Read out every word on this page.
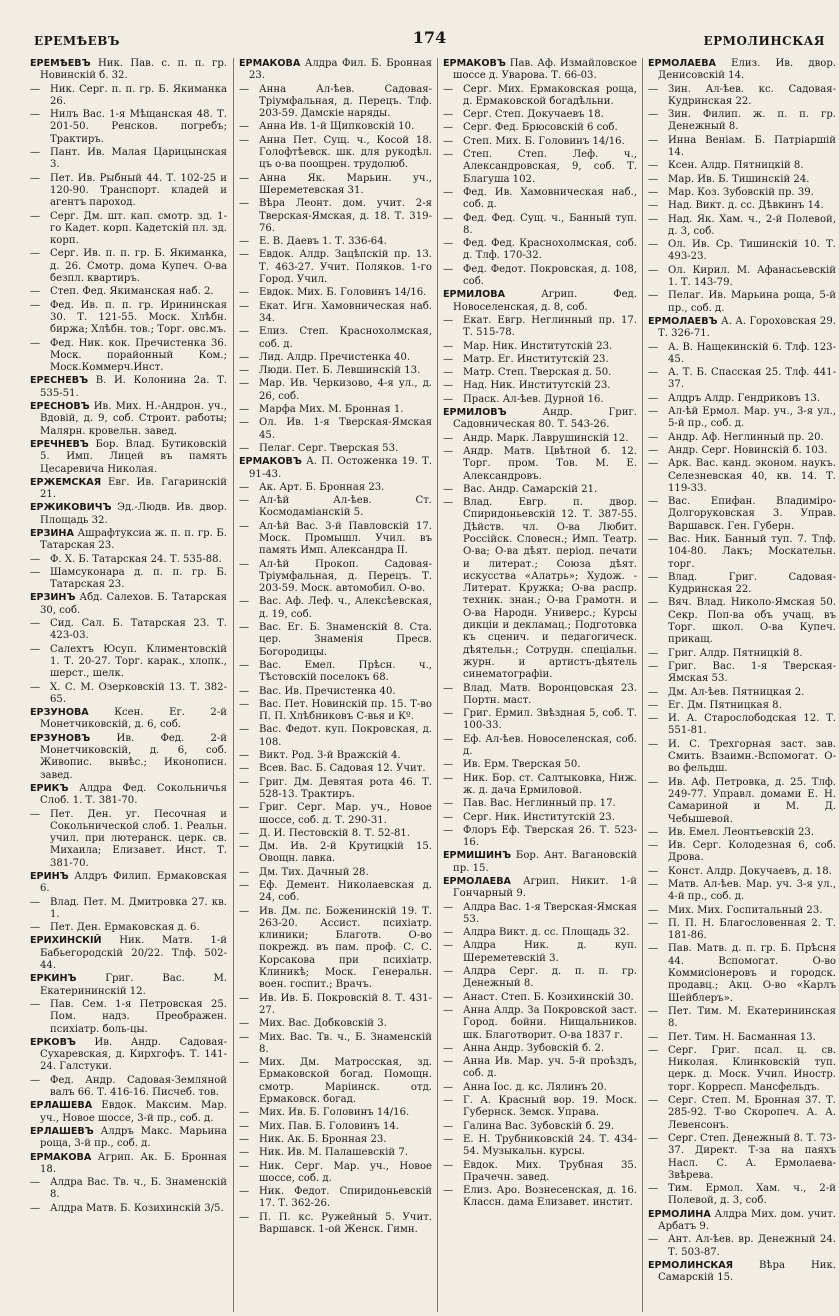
ЕРЕМѢЕВЪ	174	ЕРМОЛИНСКАЯ
ЕРЕМѢЕВЪ Ник. Пав. с. п. п. гр. Новинскій б. 32.
— Ник. Серг. п. п. гр. Б. Якиманка 26.
— Нилъ Вас. 1-я Мѣщанская 48. Т. 201-50. Ренсков. погребъ; Трактиръ.
— Пант. Ив. Малая Царицынская 3.
— Пет. Ив. Рыбный 44. Т. 102-25 и 120-90. Транспорт. кладей и агентъ пароход.
— Серг. Дм. шт. кап. смотр. зд. 1-го Кадет. корп. Кадетскій пл. зд. корп.
— Серг. Ив. п. п. гр. Б. Якиманка, д. 26. Смотр. дома Купеч. О-ва безпл. квартиръ.
— Степ. Фед. Якиманская наб. 2.
— Фед. Ив. п. п. гр. Ирининская 30. Т. 121-55. Моск. Хлѣбн. биржа; Хлѣбн. тов.; Торг. овс.мъ.
— Фед. Ник. кок. Пречистенка 36. Моск. порайонный Ком.; Моск.Коммерч.Инст.
ЕРЕСНЕВЪ В. И. Колонина 2а. Т. 535-51.
ЕРЕСНОВЪ Ив. Мих. Н.-Андрон. уч., Вдовій, д. 9, соб. Строит. работы; Малярн. кровельн. завед.
ЕРЕЧНЕВЪ Бор. Влад. Бутиковскій 5. Имп. Лицей въ память Цесаревича Николая.
ЕРЖЕМСКАЯ Евг. Ив. Гагаринскій 21.
ЕРЖИКОВИЧЪ Эд.-Людв. Ив. двор. Площадь 32.
ЕРЗИНА Ашрафтуксиа ж. п. п. гр. Б. Татарская 23.
— Ф. Х. Б. Татарская 24. Т. 535-88.
— Шамсуконара д. п. п. гр. Б. Татарская 23.
ЕРЗИНЪ Абд. Салехов. Б. Татарская 30, соб.
— Сид. Сал. Б. Татарская 23. Т. 423-03.
— Салехтъ Юсуп. Климентовскій 1. Т. 20-27. Торг. карак., хлопк., шерст., шелк.
— Х. С. М. Озерковскій 13. Т. 382-65.
ЕРЗУНОВА Ксен. Ег. 2-й Монетчиковскій, д. 6, соб.
ЕРЗУНОВЪ Ив. Фед. 2-й Монетчиковскій, д. 6, соб. Живопис. вывѣс.; Иконописн. завед.
ЕРИКЪ Алдра Фед. Сокольничья Слоб. 1. Т. 381-70.
— Пет. Ден. уг. Песочная и Сокольнической слоб. 1. Реальн. учил. при лютеранск. церк. св. Михаила; Елизавет. Инст. Т. 381-70.
ЕРИНЪ Алдръ Филип. Ермаковская 6.
— Влад. Пет. М. Дмитровка 27. кв. 1.
— Пет. Ден. Ермаковская д. 6.
ЕРИХИНСКІЙ Ник. Матв. 1-й Бабьегородскій 20/22. Тлф. 502-44.
ЕРКИНЪ Григ. Вас. М. Екатерининскій 12.
— Пав. Сем. 1-я Петровская 25. Пом. надз. Преображен. психіатр. боль-цы.
ЕРКОВЪ Ив. Андр. Садовая-Сухаревская, д. Кирхгофъ. Т. 141-24. Галстуки.
— Фед. Андр. Садовая-Земляной валъ 66. Т. 416-16. Писчеб. тов.
ЕРЛАШЕВА Евдок. Максим. Мар. уч., Новое шоссе, 3-й пр., соб. д.
ЕРЛАШЕВЪ Алдръ Макс. Марьина роща, 3-й пр., соб. д.
ЕРМАКОВА Агрип. Ак. Б. Бронная 18.
— Алдра Вас. Тв. ч., Б. Знаменскій 8.
— Алдра Матв. Б. Козихинскій 3/5.
ЕРМАКОВА Алдра Фил. Б. Бронная 23.
— Анна Ал-ѣев. Садовая-Тріумфальная, д. Перецъ. Тлф. 203-59. Дамскіе наряды.
— Анна Ив. 1-й Щипковскій 10.
— Анна Пет. Сущ. ч., Косой 18. Голофтѣевск. шк. для рукодѣл. цъ о-ва поощрен. трудолюб.
— Анна Як. Марьин. уч., Шереметевская 31.
— Вѣра Леонт. дом. учит. 2-я Тверская-Ямская, д. 18. Т. 319-76.
— Е. В. Даевъ 1. Т. 336-64.
— Евдок. Алдр. Зацѣпскій пр. 13. Т. 463-27. Учит. Поляков. 1-го Город. Учил.
— Евдок. Мих. Б. Головинъ 14/16.
— Екат. Игн. Хамовническая наб. 34.
— Елиз. Степ. Краснохолмская, соб. д.
— Лид. Алдр. Пречистенка 40.
— Люди. Пет. Б. Левшинскій 13.
— Мар. Ив. Черкизово, 4-я ул., д. 26, соб.
— Марфа Мих. М. Бронная 1.
— Ол. Ив. 1-я Тверская-Ямская 45.
— Пелаг. Серг. Тверская 53.
ЕРМАКОВЪ А. П. Остоженка 19. Т. 91-43.
— Ак. Арт. Б. Бронная 23.
— Ал-ѣй Ал-ѣев. Ст. Космодаміанскій 5.
— Ал-ѣй Вас. 3-й Павловскій 17. Моск. Промышл. Учил. въ память Имп. Александра II.
— Ал-ѣй Прокоп. Садовая-Тріумфальная, д. Перецъ. Т. 203-59. Моск. автомобил. О-во.
— Вас. Аф. Леф. ч., Алексѣевская, д. 19, соб.
— Вас. Ег. Б. Знаменскій 8. Ста. цер. Знаменія Пресв. Богородицы.
— Вас. Емел. Прѣсн. ч., Тѣстовскій поселокъ 68.
— Вас. Ив. Пречистенка 40.
— Вас. Пет. Новинскій пр. 15. Т-во П. П. Хлѣбниковъ С-вья и Кº.
— Вас. Федот. куп. Покровская, д. 108.
— Викт. Род. 3-й Вражскій 4.
— Всев. Вас. Б. Садовая 12. Учит.
— Григ. Дм. Девятая рота 46. Т. 528-13. Трактиръ.
— Григ. Серг. Мар. уч., Новое шоссе, соб. д. Т. 290-31.
— Д. И. Пестовскій 8. Т. 52-81.
— Дм. Ив. 2-й Крутицкій 15. Овощн. лавка.
— Дм. Тих. Дачный 28.
— Еф. Демент. Николаевская д. 24, соб.
— Ив. Дм. пс. Боженинскій 19. Т. 263-20. Ассист. психіатр. клиники; Благотв. О-во покрежд. въ пам. проф. С. С. Корсакова при психіатр. Клиникѣ; Моск. Генеральн. воен. госпит.; Врачъ.
— Ив. Ив. Б. Покровскій 8. Т. 431-27.
— Мих. Вас. Добковскій 3.
— Мих. Вас. Тв. ч., Б. Знаменскій 8.
— Мих. Дм. Матросская, зд. Ермаковской богад. Помощн. смотр. Маріинск. отд. Ермаковск. богад.
— Мих. Ив. Б. Головинъ 14/16.
— Мих. Пав. Б. Головинъ 14.
— Ник. Ак. Б. Бронная 23.
— Ник. Ив. М. Палашевскій 7.
— Ник. Серг. Мар. уч., Новое шоссе, соб. д.
— Ник. Федот. Спиридоньевскій 17. Т. 362-26.
— П. П. кс. Ружейный 5. Учит. Варшавск. 1-ой Женск. Гимн.
ЕРМАКОВЪ Пав. Аф. Измайловское шоссе д. Уварова. Т. 66-03.
— Серг. Мих. Ермаковская роща, д. Ермаковской богадѣльни.
— Серг. Степ. Докучаевъ 18.
— Серг. Фед. Брюсовскій 6 соб.
— Степ. Мих. Б. Головинъ 14/16.
— Степ. Степ. Леф. ч., Александровская, 9, соб. Т. Благуша 102.
— Фед. Ив. Хамовническая наб., соб. д.
— Фед. Фед. Сущ. ч., Банный туп. 8.
— Фед. Фед. Краснохолмская, соб. д. Тлф. 170-32.
— Фед. Федот. Покровская, д. 108, соб.
ЕРМИЛОВА Агрип. Фед. Новоселенская, д. 8, соб.
— Екат. Евгр. Неглинный пр. 17. Т. 515-78.
— Мар. Ник. Институтскій 23.
— Матр. Ег. Институтскій 23.
— Матр. Степ. Тверская д. 50.
— Над. Ник. Институтскій 23.
— Праск. Ал-ѣев. Дурной 16.
ЕРМИЛОВЪ Андр. Григ. Садовническая 80. Т. 543-26.
— Андр. Марк. Лаврушинскій 12.
— Андр. Матв. Цвѣтной б. 12. Торг. пром. Тов. М. Е. Александровъ.
— Вас. Андр. Самарскій 21.
— Влад. Евгр. п. двор. Спиридоньевскій 12. Т. 387-55. Дѣйств. чл. О-ва Любит. Россійск. Словесн.; Имп. Театр. О-ва; О-ва дѣят. період. печати и литерат.; Союза дѣят. искусства «Алатрь»; Худож. - Литерат. Кружка; О-ва распр. техник. знан.; О-ва Грамотн. и О-ва Народн. Универс.; Курсы дикціи и декламац.; Подготовка къ сценич. и педагогическ. дѣятельн.; Сотрудн. спеціальн. журн. и артистъ-дѣятель синематографіи.
— Влад. Матв. Воронцовская 23. Портн. маст.
— Григ. Ермил. Звѣздная 5, соб. Т. 100-33.
— Еф. Ал-ѣев. Новоселенская, соб. д.
— Ив. Ерм. Тверская 50.
— Ник. Бор. ст. Салтыковка, Ниж. ж. д. дача Ермиловой.
— Пав. Вас. Неглинный пр. 17.
— Серг. Ник. Институтскій 23.
— Флоръ Еф. Тверская 26. Т. 523-16.
ЕРМИШИНЪ Бор. Ант. Вагановскій пр. 15.
ЕРМОЛАЕВА Агрип. Никит. 1-й Гончарный 9.
— Алдра Вас. 1-я Тверская-Ямская 53.
— Алдра Викт. д. сс. Площадь 32.
— Алдра Ник. д. куп. Шереметевскій 3.
— Алдра Серг. д. п. п. гр. Денежный 8.
— Анаст. Степ. Б. Козихинскій 30.
— Анна Алдр. За Покровской заст. Город. бойни. Нищальников. шк. Благотворит. О-ва 1837 г.
— Анна Андр. Зубовскій б. 2.
— Анна Ив. Мар. уч. 5-й проѣздъ, соб. д.
— Анна Іос. д. кс. Лялинъ 20.
— Г. А. Красный вор. 19. Моск. Губернск. Земск. Управа.
— Галина Вас. Зубовскій б. 29.
— Е. Н. Трубниковскій 24. Т. 434-54. Музыкальн. курсы.
— Евдок. Мих. Трубная 35. Прачечн. завед.
— Елиз. Аро. Вознесенская, д. 16. Классн. дама Елизавет. инстит.
ЕРМОЛАЕВА Елиз. Ив. двор. Денисовскій 14.
— Зин. Ал-ѣев. кс. Садовая-Кудринская 22.
— Зин. Филип. ж. п. п. гр. Денежный 8.
— Инна Веніам. Б. Патріаршій 14.
— Ксен. Алдр. Пятницкій 8.
— Мар. Ив. Б. Тишинскій 24.
— Мар. Коз. Зубовскій пр. 39.
— Над. Викт. д. сс. Дѣвкинъ 14.
— Над. Як. Хам. ч., 2-й Полевой, д. 3, соб.
— Ол. Ив. Ср. Тишинскій 10. Т. 493-23.
— Ол. Кирил. М. Афанасьевскій 1. Т. 143-79.
— Пелаг. Ив. Марьина роща, 5-й пр., соб. д.
ЕРМОЛАЕВЪ А. А. Гороховская 29. Т. 326-71.
— А. В. Нащекинскій 6. Тлф. 123-45.
— А. Т. Б. Спасская 25. Тлф. 441-37.
— Алдръ Алдр. Гендриковъ 13.
— Ал-ѣй Ермол. Мар. уч., 3-я ул., 5-й пр., соб. д.
— Андр. Аф. Неглинный пр. 20.
— Андр. Серг. Новинскій б. 103.
— Арк. Вас. канд. эконом. наукъ. Селезневская 40, кв. 14. Т. 119-33.
— Вас. Епифан. Владиміро-Долгоруковская 3. Управ. Варшавск. Ген. Губерн.
— Вас. Ник. Банный туп. 7. Тлф. 104-80. Лакъ; Москательн. торг.
— Влад. Григ. Садовая-Кудринская 22.
— Вяч. Влад. Николо-Ямская 50. Секр. Поп-ва объ учащ. въ Торг. школ. О-ва Купеч. прикащ.
— Григ. Алдр. Пятницкій 8.
— Григ. Вас. 1-я Тверская-Ямская 53.
— Дм. Ал-ѣев. Пятницкая 2.
— Ег. Дм. Пятницкая 8.
— И. А. Старослободская 12. Т. 551-81.
— И. С. Трехгорная заст. зав. Смить. Взаимн.-Вспомогат. О-во фельдш.
— Ив. Аф. Петровка, д. 25. Тлф. 249-77. Управл. домами Е. Н. Самариной и М. Д. Чебышевой.
— Ив. Емел. Леонтьевскій 23.
— Ив. Серг. Колодезная 6, соб. Дрова.
— Конст. Алдр. Докучаевъ, д. 18.
— Матв. Ал-ѣев. Мар. уч. 3-я ул., 4-й пр., соб. д.
— Мих. Мих. Госпитальный 23.
— П. П. Н. Благословенная 2. Т. 181-86.
— Пав. Матв. д. п. гр. Б. Прѣсня 44. Вспомогат. О-во Коммисіонеровъ и городск. продавц.; Акц. О-во «Карлъ Шейблеръ».
— Пет. Тим. М. Екатерининская 8.
— Пет. Тим. Н. Басманная 13.
— Серг. Григ. псал. ц. св. Николая. Клинковскій туп. церк. д. Моск. Учил. Иностр. торг. Корресп. Мансфельдъ.
— Серг. Степ. М. Бронная 37. Т. 285-92. Т-во Скоропеч. А. А. Левенсонъ.
— Серг. Степ. Денежный 8. Т. 73-37. Директ. Т-за на паяхъ Насл. С. А. Ермолаева-Звѣрева.
— Тим. Ермол. Хам. ч., 2-й Полевой, д. 3, соб.
ЕРМОЛИНА Алдра Мих. дом. учит. Арбатъ 9.
— Ант. Ал-ѣев. вр. Денежный 24. Т. 503-87.
ЕРМОЛИНСКАЯ Вѣра Ник. Самарскій 15.
